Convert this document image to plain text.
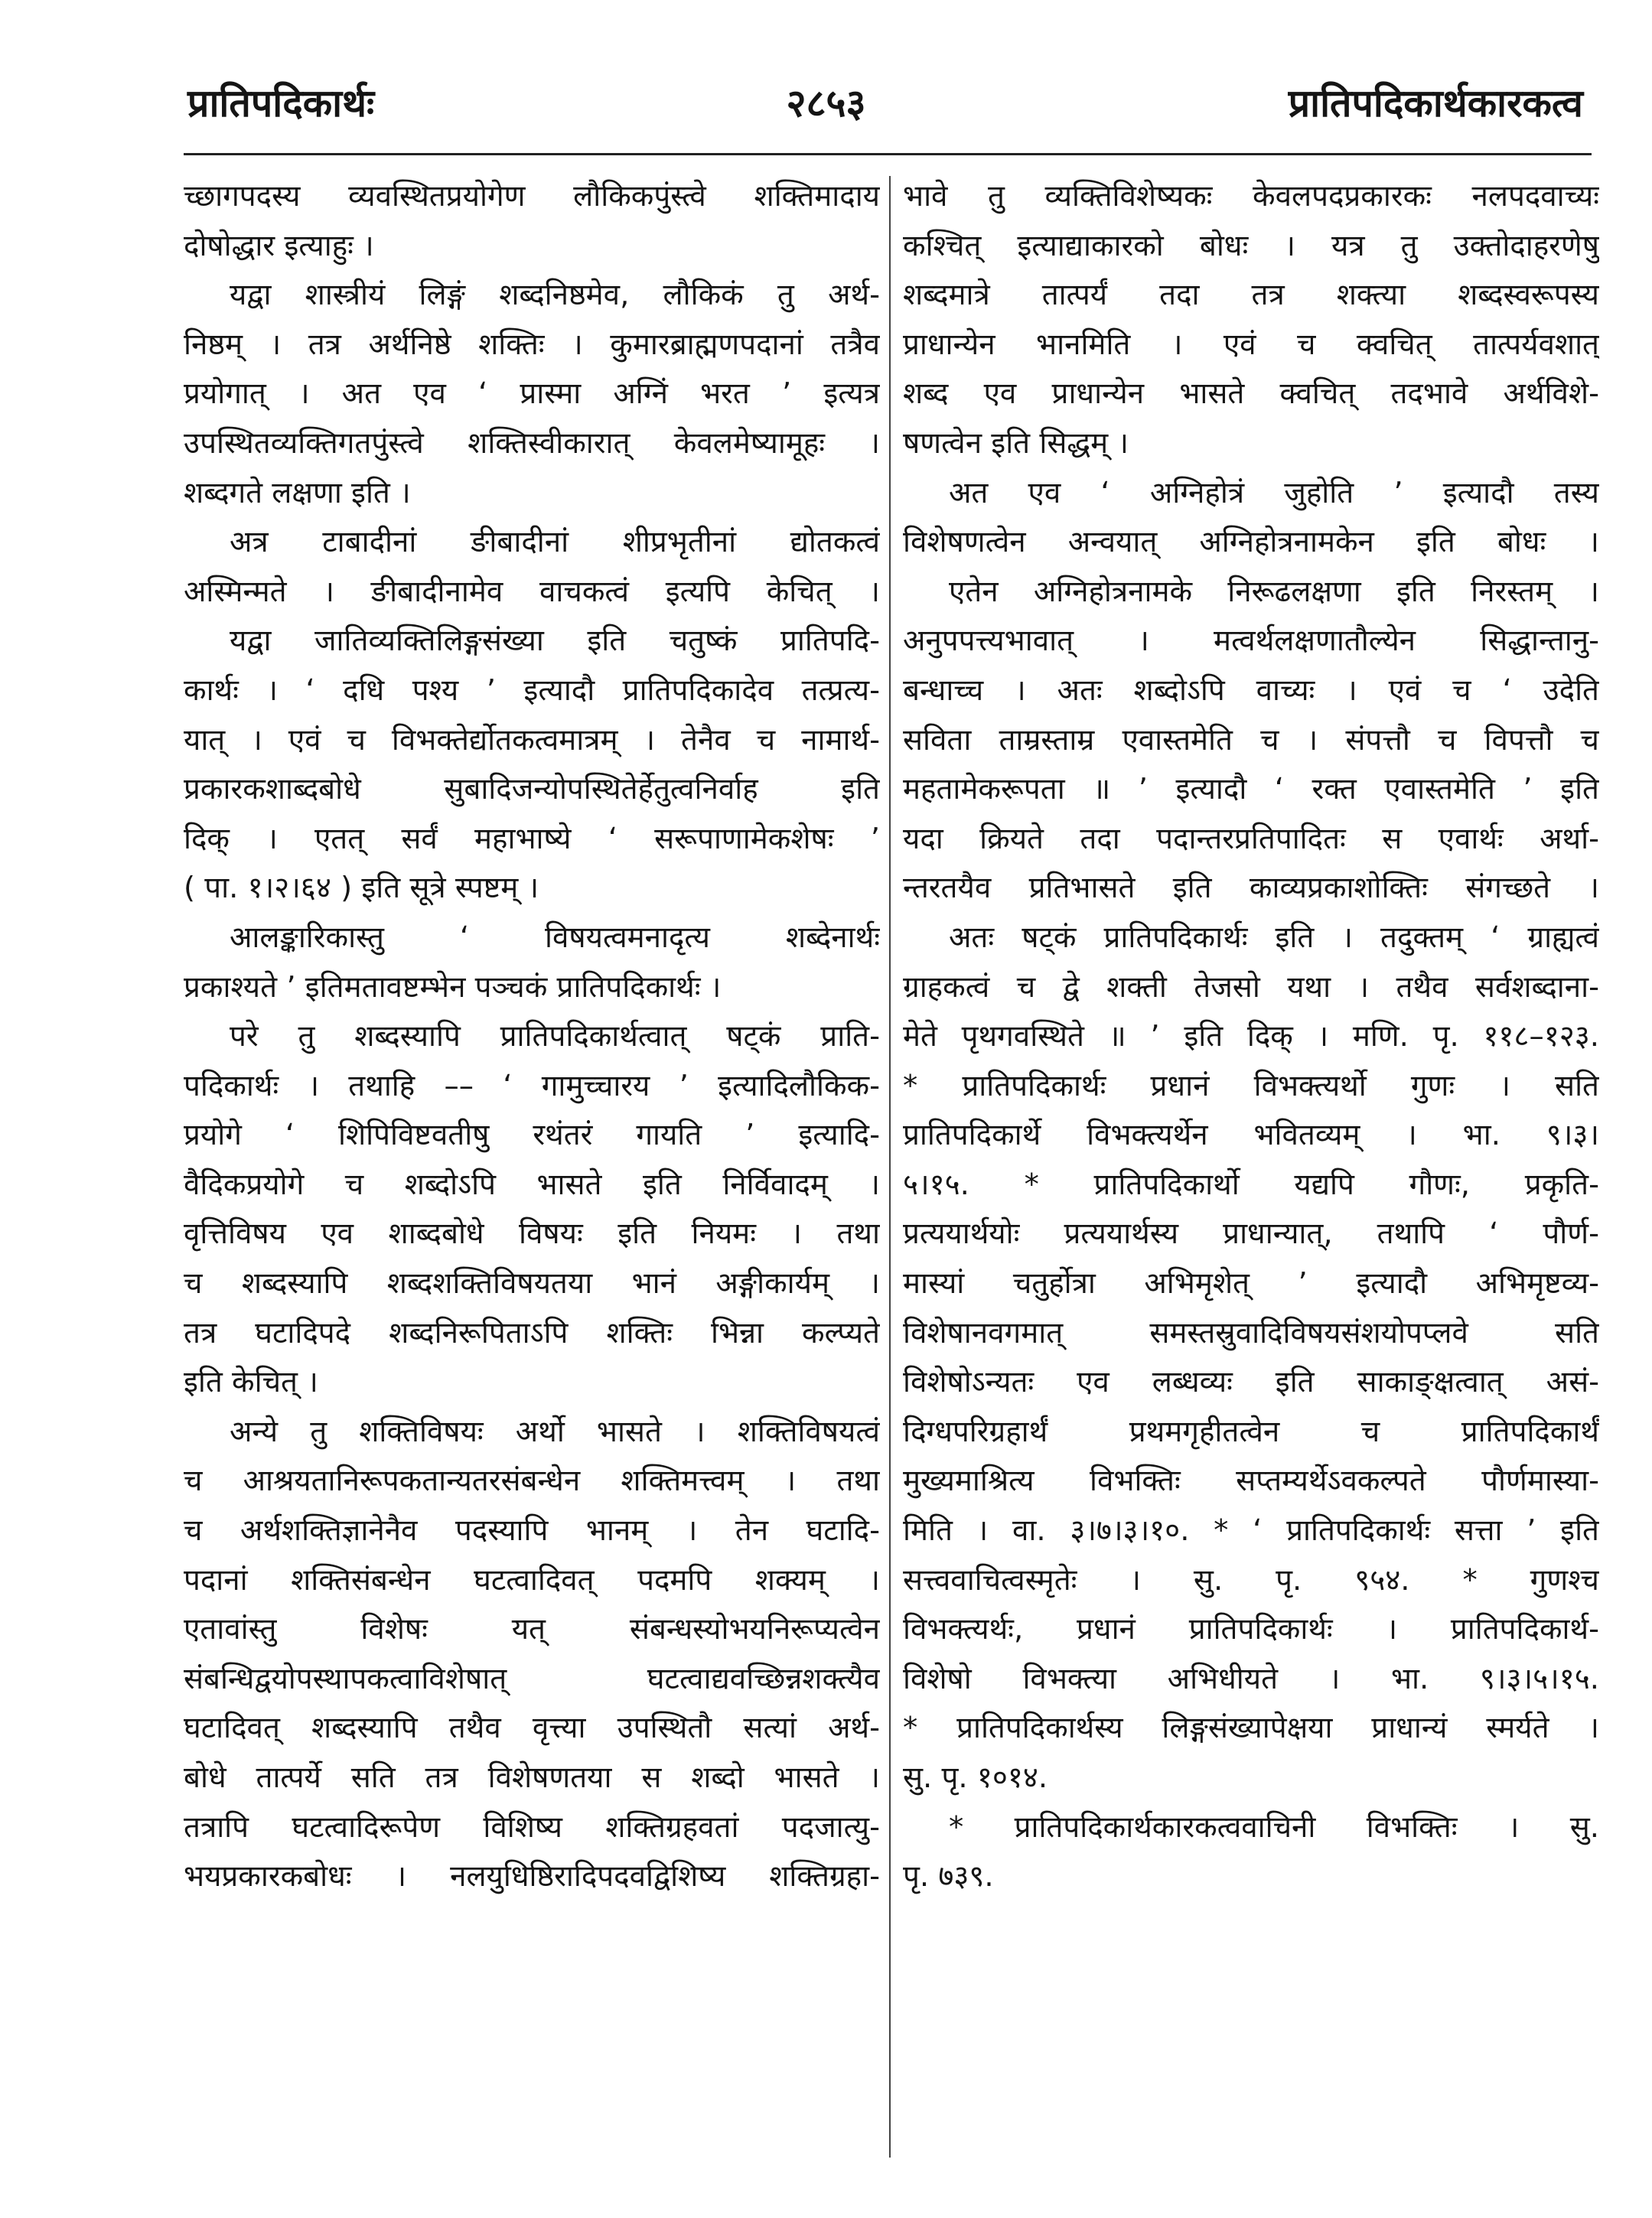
प्रातिपदिकार्थः	२८५३	प्रातिपदिकार्थकारकत्व
च्छागपदस्य व्यवस्थितप्रयोगेण लौकिकपुंस्त्वे शक्तिमादाय
दोषोद्धार इत्याहुः ।
यद्वा शास्त्रीयं लिङ्गं शब्दनिष्ठमेव, लौकिकं तु अर्थ-
निष्ठम् । तत्र अर्थनिष्ठे शक्तिः । कुमारब्राह्मणपदानां तत्रैव
प्रयोगात् । अत एव ‘ प्रास्मा अग्निं भरत ’ इत्यत्र
उपस्थितव्यक्तिगतपुंस्त्वे शक्तिस्वीकारात् केवलमेष्यामूहः ।
शब्दगते लक्षणा इति ।
अत्र टाबादीनां ङीबादीनां शीप्रभृतीनां द्योतकत्वं
अस्मिन्मते । ङीबादीनामेव वाचकत्वं इत्यपि केचित् ।
यद्वा जातिव्यक्तिलिङ्गसंख्या इति चतुष्कं प्रातिपदि-
कार्थः । ‘ दधि पश्य ’ इत्यादौ प्रातिपदिकादेव तत्प्रत्य-
यात् । एवं च विभक्तेर्द्योतकत्वमात्रम् । तेनैव च नामार्थ-
प्रकारकशाब्दबोधे सुबादिजन्योपस्थितेर्हेतुत्वनिर्वाह इति
दिक् । एतत् सर्वं महाभाष्ये ‘ सरूपाणामेकशेषः ’
( पा. १।२।६४ ) इति सूत्रे स्पष्टम् ।
आलङ्कारिकास्तु ‘ विषयत्वमनादृत्य शब्देनार्थः
प्रकाश्यते ’ इतिमतावष्टम्भेन पञ्चकं प्रातिपदिकार्थः ।
परे तु शब्दस्यापि प्रातिपदिकार्थत्वात् षट्कं प्राति-
पदिकार्थः । तथाहि –– ‘ गामुच्चारय ’ इत्यादिलौकिक-
प्रयोगे ‘ शिपिविष्टवतीषु रथंतरं गायति ’ इत्यादि-
वैदिकप्रयोगे च शब्दोऽपि भासते इति निर्विवादम् ।
वृत्तिविषय एव शाब्दबोधे विषयः इति नियमः । तथा
च शब्दस्यापि शब्दशक्तिविषयतया भानं अङ्गीकार्यम् ।
तत्र घटादिपदे शब्दनिरूपिताऽपि शक्तिः भिन्ना कल्प्यते
इति केचित् ।
अन्ये तु शक्तिविषयः अर्थो भासते । शक्तिविषयत्वं
च आश्रयतानिरूपकतान्यतरसंबन्धेन शक्तिमत्त्वम् । तथा
च अर्थशक्तिज्ञानेनैव पदस्यापि भानम् । तेन घटादि-
पदानां शक्तिसंबन्धेन घटत्वादिवत् पदमपि शक्यम् ।
एतावांस्तु विशेषः यत् संबन्धस्योभयनिरूप्यत्वेन
संबन्धिद्वयोपस्थापकत्वाविशेषात् घटत्वाद्यवच्छिन्नशक्त्यैव
घटादिवत् शब्दस्यापि तथैव वृत्त्या उपस्थितौ सत्यां अर्थ-
बोधे तात्पर्ये सति तत्र विशेषणतया स शब्दो भासते ।
तत्रापि घटत्वादिरूपेण विशिष्य शक्तिग्रहवतां पदजात्यु-
भयप्रकारकबोधः । नलयुधिष्ठिरादिपदवद्विशिष्य शक्तिग्रहा-
भावे तु व्यक्तिविशेष्यकः केवलपदप्रकारकः नलपदवाच्यः
कश्चित् इत्याद्याकारको बोधः । यत्र तु उक्तोदाहरणेषु
शब्दमात्रे तात्पर्यं तदा तत्र शक्त्या शब्दस्वरूपस्य
प्राधान्येन भानमिति । एवं च क्वचित् तात्पर्यवशात्
शब्द एव प्राधान्येन भासते क्वचित् तदभावे अर्थविशे-
षणत्वेन इति सिद्धम् ।
अत एव ‘ अग्निहोत्रं जुहोति ’ इत्यादौ तस्य
विशेषणत्वेन अन्वयात् अग्निहोत्रनामकेन इति बोधः ।
एतेन अग्निहोत्रनामके निरूढलक्षणा इति निरस्तम् ।
अनुपपत्त्यभावात् । मत्वर्थलक्षणातौल्येन सिद्धान्तानु-
बन्धाच्च । अतः शब्दोऽपि वाच्यः । एवं च ‘ उदेति
सविता ताम्रस्ताम्र एवास्तमेति च । संपत्तौ च विपत्तौ च
महतामेकरूपता ॥ ’ इत्यादौ ‘ रक्त एवास्तमेति ’ इति
यदा क्रियते तदा पदान्तरप्रतिपादितः स एवार्थः अर्था-
न्तरतयैव प्रतिभासते इति काव्यप्रकाशोक्तिः संगच्छते ।
अतः षट्कं प्रातिपदिकार्थः इति । तदुक्तम् ‘ ग्राह्यत्वं
ग्राहकत्वं च द्वे शक्ती तेजसो यथा । तथैव सर्वशब्दाना-
मेते पृथगवस्थिते ॥ ’ इति दिक् । मणि. पृ. ११८–१२३.
* प्रातिपदिकार्थः प्रधानं विभक्त्यर्थो गुणः । सति
प्रातिपदिकार्थे विभक्त्यर्थेन भवितव्यम् । भा. ९।३।
५।१५. * प्रातिपदिकार्थो यद्यपि गौणः, प्रकृति-
प्रत्ययार्थयोः प्रत्ययार्थस्य प्राधान्यात्, तथापि ‘ पौर्ण-
मास्यां चतुर्होत्रा अभिमृशेत् ’ इत्यादौ अभिमृष्टव्य-
विशेषानवगमात् समस्तस्रुवादिविषयसंशयोपप्लवे सति
विशेषोऽन्यतः एव लब्धव्यः इति साकाङ्क्षत्वात् असं-
दिग्धपरिग्रहार्थं प्रथमगृहीतत्वेन च प्रातिपदिकार्थं
मुख्यमाश्रित्य विभक्तिः सप्तम्यर्थेऽवकल्पते पौर्णमास्या-
मिति । वा. ३।७।३।१०. * ‘ प्रातिपदिकार्थः सत्ता ’ इति
सत्त्ववाचित्वस्मृतेः । सु. पृ. ९५४. * गुणश्च
विभक्त्यर्थः, प्रधानं प्रातिपदिकार्थः । प्रातिपदिकार्थ-
विशेषो विभक्त्या अभिधीयते । भा. ९।३।५।१५.
* प्रातिपदिकार्थस्य लिङ्गसंख्यापेक्षया प्राधान्यं स्मर्यते ।
सु. पृ. १०१४.
* प्रातिपदिकार्थकारकत्ववाचिनी विभक्तिः । सु.
पृ. ७३९.
